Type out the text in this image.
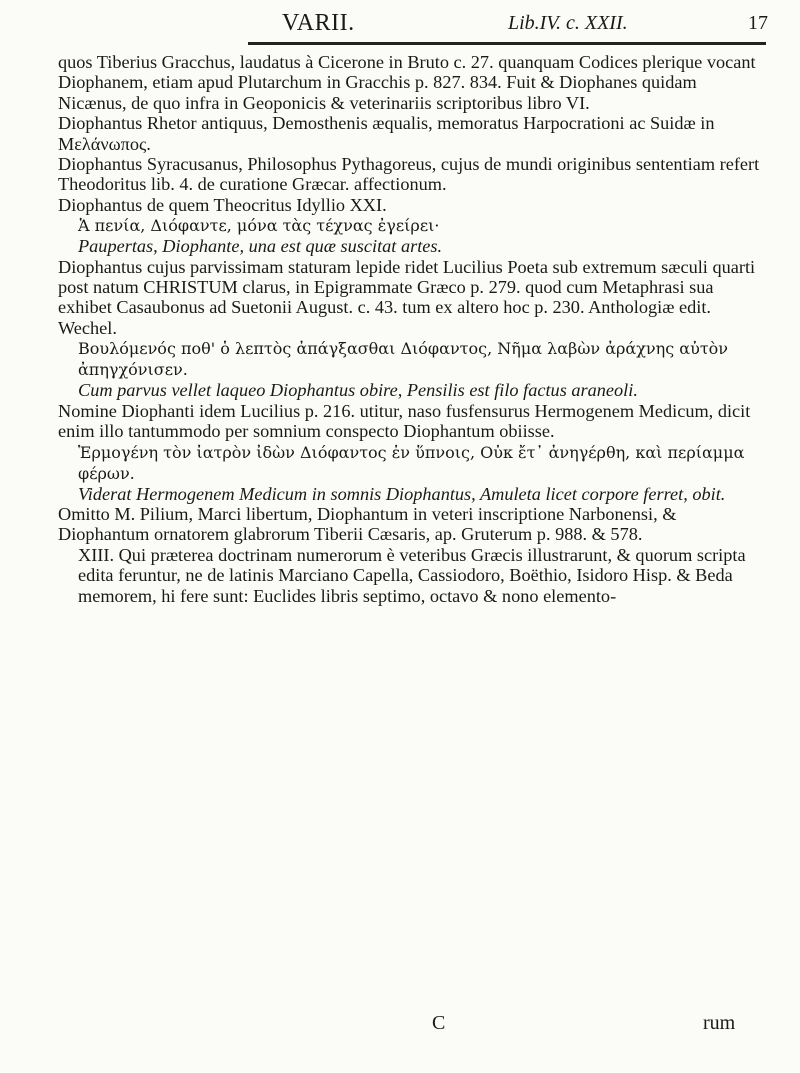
VARII.	Lib.IV. c. XXII.	17

quos Tiberius Gracchus, laudatus à Cicerone in Bruto c. 27. quanquam Codices plerique vocant Diophanem, etiam apud Plutarchum in Gracchis p. 827. 834. Fuit & Diophanes quidam Nicænus, de quo infra in Geoponicis & veterinariis scriptoribus libro VI.

Diophantus Rhetor antiquus, Demosthenis æqualis, memoratus Harpocrationi ac Suidæ in Μελάνωπος.

Diophantus Syracusanus, Philosophus Pythagoreus, cujus de mundi originibus sententiam refert Theodoritus lib. 4. de curatione Græcar. affectionum.

Diophantus de quem Theocritus Idyllio XXI.

Ἁ πενία, Διόφαντε, μόνα τὰς τέχνας ἐγείρει·

Paupertas, Diophante, una est quæ suscitat artes.

Diophantus cujus parvissimam staturam lepide ridet Lucilius Poeta sub extremum sæculi quarti post natum CHRISTUM clarus, in Epigrammate Græco p. 279. quod cum Metaphrasi sua exhibet Casaubonus ad Suetonii August. c. 43. tum ex altero hoc p. 230. Anthologiæ edit. Wechel.

Βουλόμενός ποθ' ὁ λεπτὸς ἀπάγξασθαι Διόφαντος, Νῆμα λαβὼν ἀράχνης αὐτὸν ἀπηγχόνισεν.

Cum parvus vellet laqueo Diophantus obire, Pensilis est filo factus araneoli.

Nomine Diophanti idem Lucilius p. 216. utitur, naso fusfensurus Hermogenem Medicum, dicit enim illo tantummodo per somnium conspecto Diophantum obiisse.

Ἑρμογένη τὸν ἰατρὸν ἰδὼν Διόφαντος ἐν ὕπνοις, Οὐκ ἔτ᾽ ἀνηγέρθη, καὶ περίαμμα φέρων.

Viderat Hermogenem Medicum in somnis Diophantus, Amuleta licet corpore ferret, obit.

Omitto M. Pilium, Marci libertum, Diophantum in veteri inscriptione Narbonensi, & Diophantum ornatorem glabrorum Tiberii Cæsaris, ap. Gruterum p. 988. & 578.

XIII. Qui præterea doctrinam numerorum è veteribus Græcis illustrarunt, & quorum scripta edita feruntur, ne de latinis Marciano Capella, Cassiodoro, Boëthio, Isidoro Hisp. & Beda memorem, hi fere sunt: Euclides libris septimo, octavo & nono elemento-

C	rum
